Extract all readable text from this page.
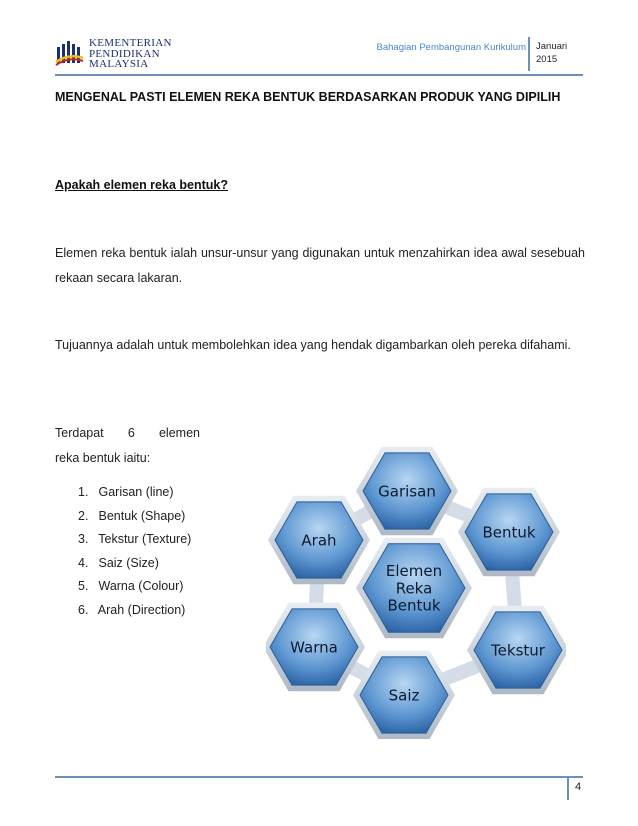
KEMENTERIAN
PENDIDIKAN
MALAYSIA
Bahagian Pembangunan Kurikulum Januari
2015
MENGENAL PASTI ELEMEN REKA BENTUK BERDASARKAN PRODUK YANG DIPILIH
Apakah elemen reka bentuk?
Elemen reka bentuk ialah unsur-unsur yang digunakan untuk menzahirkan idea awal sesebuah rekaan secara lakaran.
Tujuannya adalah untuk membolehkan idea yang hendak digambarkan oleh pereka difahami.
Terdapat 6 elemen
reka bentuk iaitu:
1. Garisan (line)
2. Bentuk (Shape)
3. Tekstur (Texture)
4. Saiz (Size)
5. Warna (Colour)
6. Arah (Direction)
Garisan
Bentuk
Tekstur
Saiz
Warna
Arah
Elemen
Reka
Bentuk
4
